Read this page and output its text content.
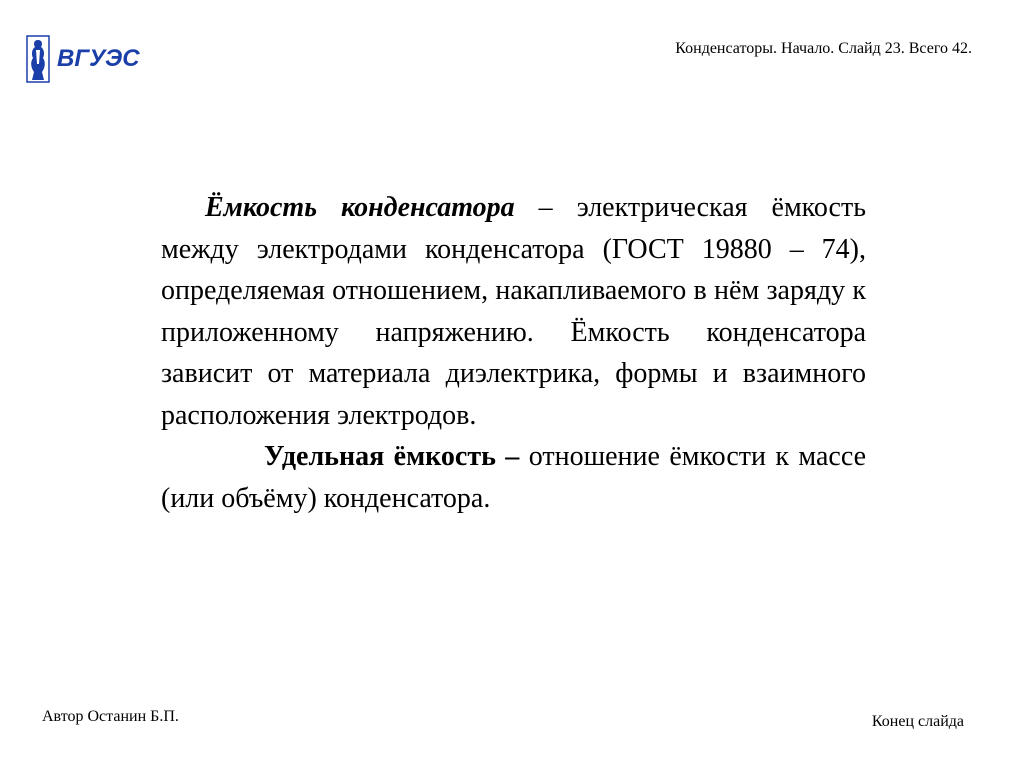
ВГУЭС	Конденсаторы. Начало. Слайд 23. Всего 42.

Ёмкость конденсатора – электрическая ёмкость между электродами конденсатора (ГОСТ 19880 – 74), определяемая отношением, накапливаемого в нём заряду к приложенному напряжению. Ёмкость конденсатора зависит от материала диэлектрика, формы и взаимного расположения электродов.

Удельная ёмкость – отношение ёмкости к массе (или объёму) конденсатора.

Автор Останин Б.П.	Конец слайда
